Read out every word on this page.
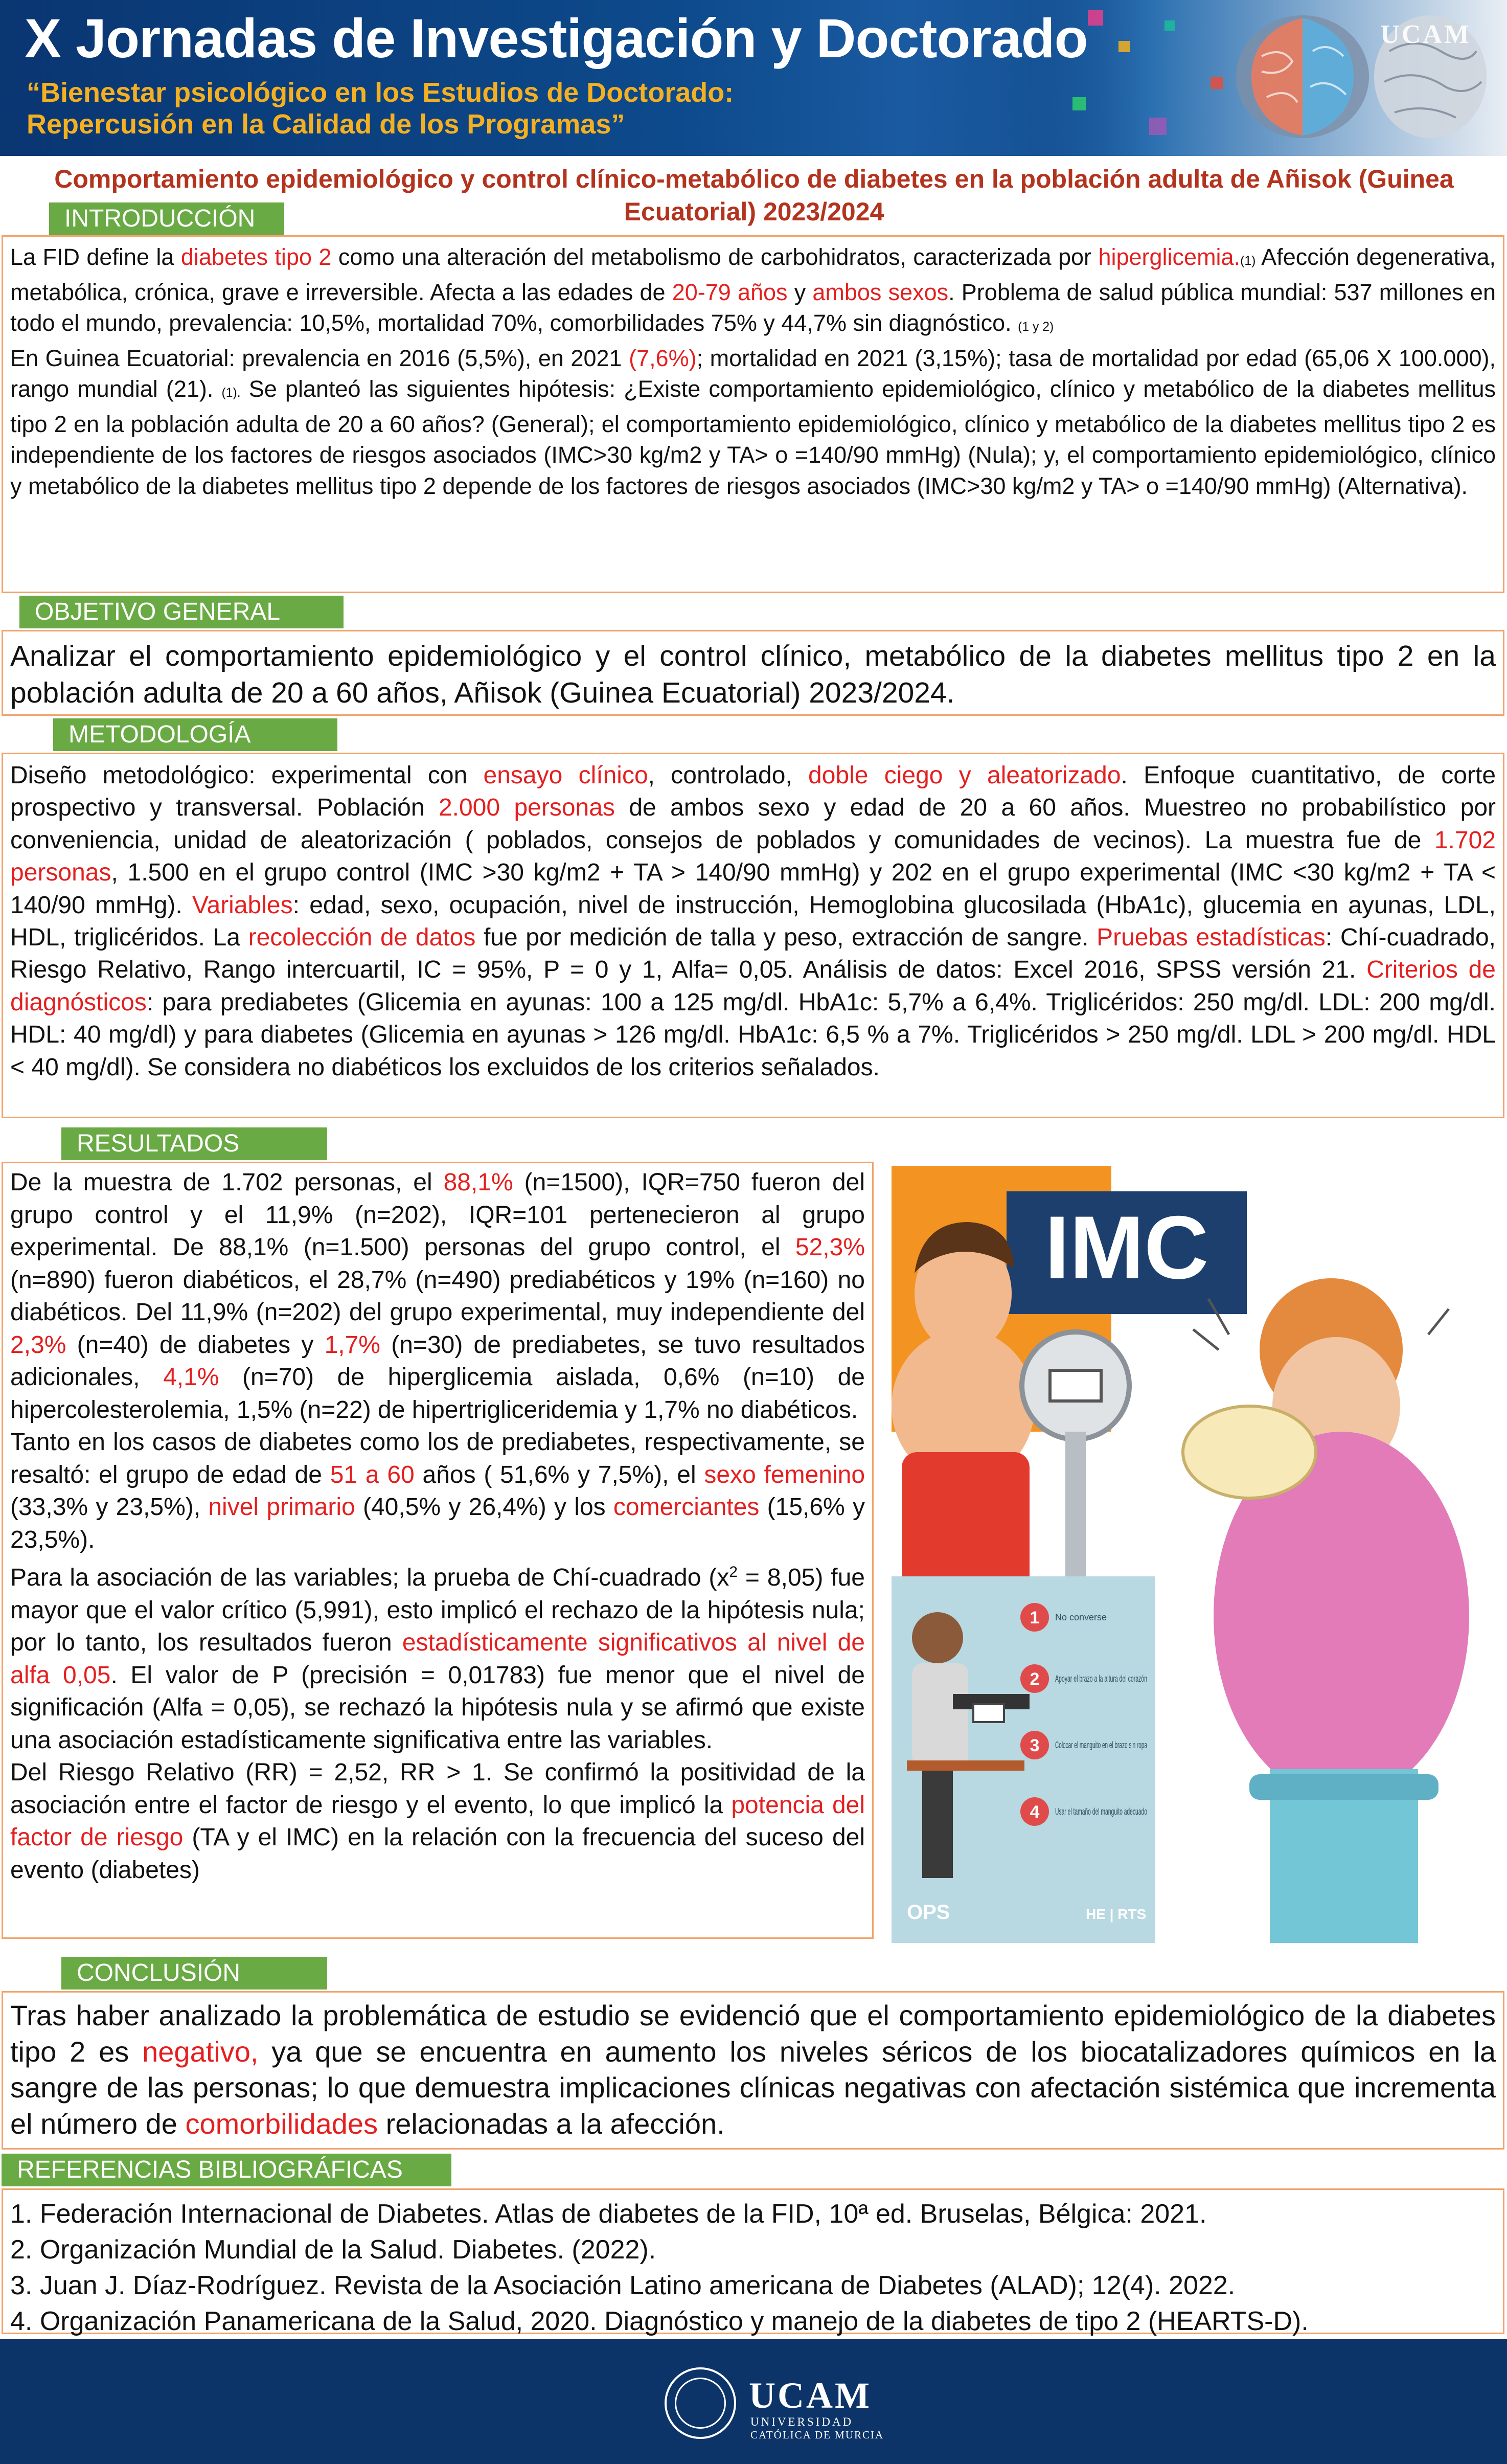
X Jornadas de Investigación y Doctorado
“Bienestar psicológico en los Estudios de Doctorado:
Repercusión en la Calidad de los Programas”
UCAM
Comportamiento epidemiológico y control clínico-metabólico de diabetes en la población adulta de Añisok (Guinea
Ecuatorial) 2023/2024
INTRODUCCIÓN
La FID define la diabetes tipo 2 como una alteración del metabolismo de carbohidratos, caracterizada por hiperglicemia.(1) Afección degenerativa, metabólica, crónica, grave e irreversible. Afecta a las edades de 20-79 años y ambos sexos. Problema de salud pública mundial: 537 millones en todo el mundo, prevalencia: 10,5%, mortalidad 70%, comorbilidades 75% y 44,7% sin diagnóstico. (1 y 2)
En Guinea Ecuatorial: prevalencia en 2016 (5,5%), en 2021 (7,6%); mortalidad en 2021 (3,15%); tasa de mortalidad por edad (65,06 X 100.000), rango mundial (21). (1). Se planteó las siguientes hipótesis: ¿Existe comportamiento epidemiológico, clínico y metabólico de la diabetes mellitus tipo 2 en la población adulta de 20 a 60 años? (General); el comportamiento epidemiológico, clínico y metabólico de la diabetes mellitus tipo 2 es independiente de los factores de riesgos asociados (IMC>30 kg/m2 y TA> o =140/90 mmHg) (Nula); y, el comportamiento epidemiológico, clínico y metabólico de la diabetes mellitus tipo 2 depende de los factores de riesgos asociados (IMC>30 kg/m2 y TA> o =140/90 mmHg) (Alternativa).
OBJETIVO GENERAL
Analizar el comportamiento epidemiológico y el control clínico, metabólico de la diabetes mellitus tipo 2 en la población adulta de 20 a 60 años, Añisok (Guinea Ecuatorial) 2023/2024.
METODOLOGÍA
Diseño metodológico: experimental con ensayo clínico, controlado, doble ciego y aleatorizado. Enfoque cuantitativo, de corte prospectivo y transversal. Población 2.000 personas de ambos sexo y edad de 20 a 60 años. Muestreo no probabilístico por conveniencia, unidad de aleatorización ( poblados, consejos de poblados y comunidades de vecinos). La muestra fue de 1.702 personas, 1.500 en el grupo control (IMC >30 kg/m2 + TA > 140/90 mmHg) y 202 en el grupo experimental (IMC <30 kg/m2 + TA < 140/90 mmHg). Variables: edad, sexo, ocupación, nivel de instrucción, Hemoglobina glucosilada (HbA1c), glucemia en ayunas, LDL, HDL, triglicéridos. La recolección de datos fue por medición de talla y peso, extracción de sangre. Pruebas estadísticas: Chí-cuadrado, Riesgo Relativo, Rango intercuartil, IC = 95%, P = 0 y 1, Alfa= 0,05. Análisis de datos: Excel 2016, SPSS versión 21. Criterios de diagnósticos: para prediabetes (Glicemia en ayunas: 100 a 125 mg/dl. HbA1c: 5,7% a 6,4%. Triglicéridos: 250 mg/dl. LDL: 200 mg/dl. HDL: 40 mg/dl) y para diabetes (Glicemia en ayunas > 126 mg/dl. HbA1c: 6,5 % a 7%. Triglicéridos > 250 mg/dl. LDL > 200 mg/dl. HDL < 40 mg/dl). Se considera no diabéticos los excluidos de los criterios señalados.
RESULTADOS
De la muestra de 1.702 personas, el 88,1% (n=1500), IQR=750 fueron del grupo control y el 11,9% (n=202), IQR=101 pertenecieron al grupo experimental. De 88,1% (n=1.500) personas del grupo control, el 52,3% (n=890) fueron diabéticos, el 28,7% (n=490) prediabéticos y 19% (n=160) no diabéticos. Del 11,9% (n=202) del grupo experimental, muy independiente del 2,3% (n=40) de diabetes y 1,7% (n=30) de prediabetes, se tuvo resultados adicionales, 4,1% (n=70) de hiperglicemia aislada, 0,6% (n=10) de hipercolesterolemia, 1,5% (n=22) de hipertrigliceridemia y 1,7% no diabéticos.
Tanto en los casos de diabetes como los de prediabetes, respectivamente, se resaltó: el grupo de edad de 51 a 60 años ( 51,6% y 7,5%), el sexo femenino (33,3% y 23,5%), nivel primario (40,5% y 26,4%) y los comerciantes (15,6% y 23,5%).
Para la asociación de las variables; la prueba de Chí-cuadrado $(x^2 = 8,05)$ fue mayor que el valor crítico (5,991), esto implicó el rechazo de la hipótesis nula; por lo tanto, los resultados fueron estadísticamente significativos al nivel de alfa 0,05. El valor de P (precisión = 0,01783) fue menor que el nivel de significación (Alfa = 0,05), se rechazó la hipótesis nula y se afirmó que existe una asociación estadísticamente significativa entre las variables.
Del Riesgo Relativo (RR) = 2,52, RR > 1. Se confirmó la positividad de la asociación entre el factor de riesgo y el evento, lo que implicó la potencia del factor de riesgo (TA y el IMC) en la relación con la frecuencia del suceso del evento (diabetes)
IMC
1
2
3
4
No converse
Apoyar el brazo a la altura del corazón
Colocar el manguito en el brazo sin ropa
Usar el tamaño del manguito adecuado
OPS	HE | RTS
CONCLUSIÓN
Tras haber analizado la problemática de estudio se evidenció que el comportamiento epidemiológico de la diabetes tipo 2 es negativo, ya que se encuentra en aumento los niveles séricos de los biocatalizadores químicos en la sangre de las personas; lo que demuestra implicaciones clínicas negativas con afectación sistémica que incrementa el número de comorbilidades relacionadas a la afección.
REFERENCIAS BIBLIOGRÁFICAS
1. Federación Internacional de Diabetes. Atlas de diabetes de la FID, 10ª ed. Bruselas, Bélgica: 2021.
2. Organización Mundial de la Salud. Diabetes. (2022).
3. Juan J. Díaz-Rodríguez. Revista de la Asociación Latino americana de Diabetes (ALAD); 12(4). 2022.
4. Organización Panamericana de la Salud, 2020. Diagnóstico y manejo de la diabetes de tipo 2 (HEARTS-D).
UCAM
UNIVERSIDAD
CATÓLICA DE MURCIA
